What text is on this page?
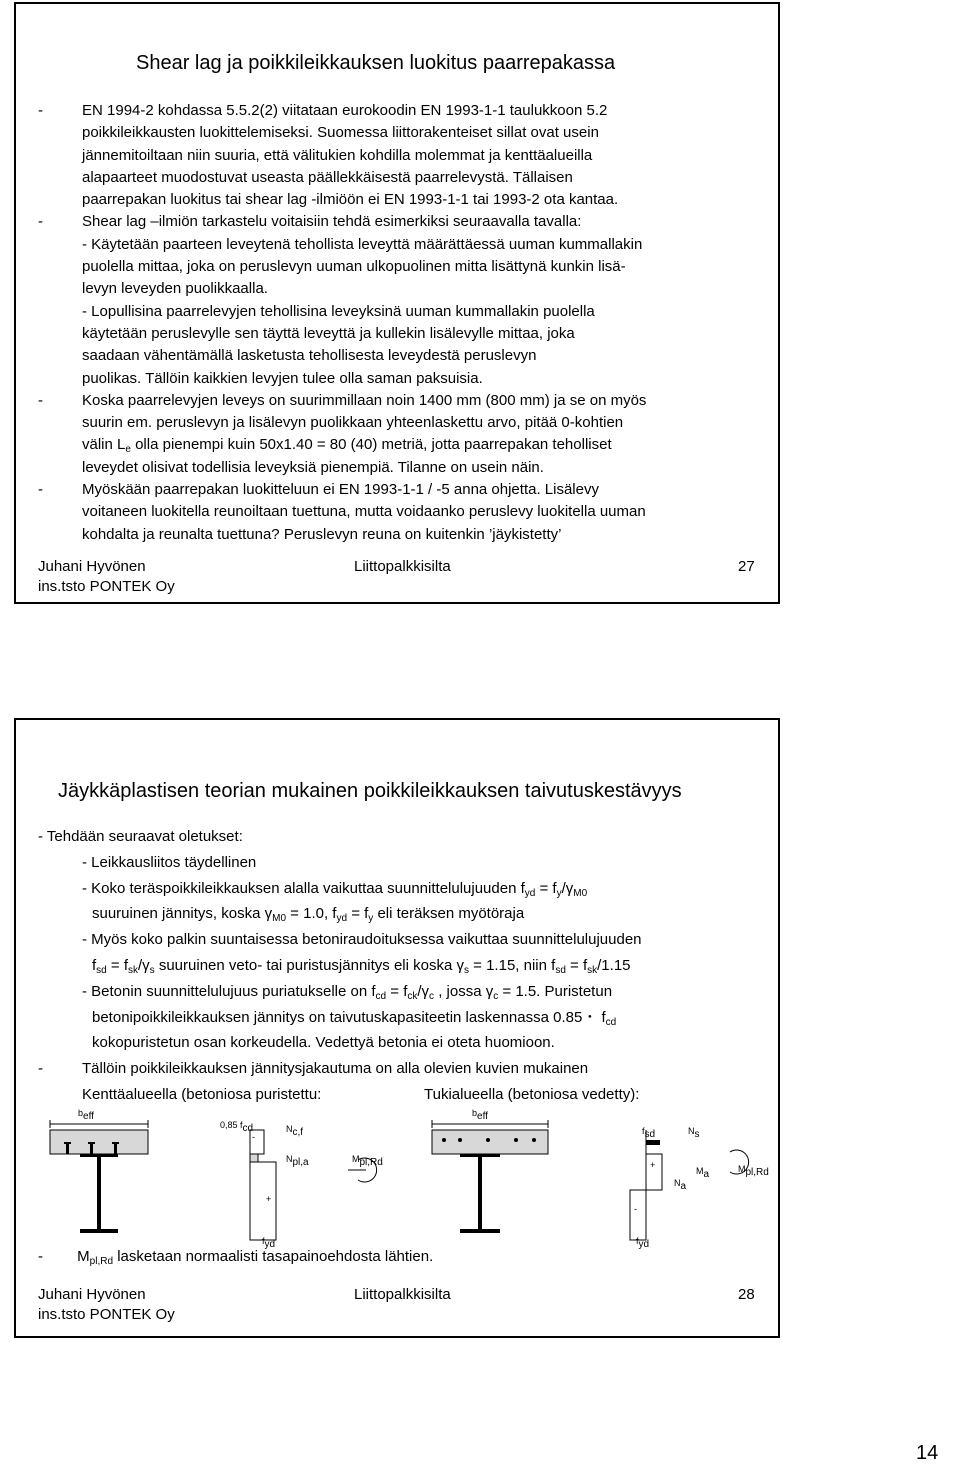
Shear lag ja poikkileikkauksen luokitus paarrepakassa
-	EN 1994-2 kohdassa 5.5.2(2) viitataan eurokoodin EN 1993-1-1 taulukkoon 5.2
poikkileikkausten luokittelemiseksi. Suomessa liittorakenteiset sillat ovat usein
jännemitoiltaan niin suuria, että välitukien kohdilla molemmat ja kenttäalueilla
alapaarteet muodostuvat useasta päällekkäisestä paarrelevystä. Tällaisen
paarrepakan luokitus tai shear lag -ilmiöön ei EN 1993-1-1 tai 1993-2 ota kantaa.
-	Shear lag –ilmiön tarkastelu voitaisiin tehdä esimerkiksi seuraavalla tavalla:
- Käytetään paarteen leveytenä tehollista leveyttä määrättäessä uuman kummallakin
puolella mittaa, joka on peruslevyn uuman ulkopuolinen mitta lisättynä kunkin lisä-
levyn leveyden puolikkaalla.
- Lopullisina paarrelevyjen tehollisina leveyksinä uuman kummallakin puolella
käytetään peruslevylle sen täyttä leveyttä ja kullekin lisälevylle mittaa, joka
saadaan vähentämällä lasketusta tehollisesta leveydestä peruslevyn
puolikas. Tällöin kaikkien levyjen tulee olla saman paksuisia.
-	Koska paarrelevyjen leveys on suurimmillaan noin 1400 mm (800 mm) ja se on myös
suurin em. peruslevyn ja lisälevyn puolikkaan yhteenlaskettu arvo, pitää 0-kohtien
välin $L_e$ olla pienempi kuin 50x1.40 = 80 (40) metriä, jotta paarrepakan teholliset
leveydet olisivat todellisia leveyksiä pienempiä. Tilanne on usein näin.
-	Myöskään paarrepakan luokitteluun ei EN 1993-1-1 / -5 anna ohjetta. Lisälevy
voitaneen luokitella reunoiltaan tuettuna, mutta voidaanko peruslevy luokitella uuman
kohdalta ja reunalta tuettuna? Peruslevyn reuna on kuitenkin ’jäykistetty’
Juhani Hyvönen
ins.tsto PONTEK Oy
Liittopalkkisilta	27
Jäykkäplastisen teorian mukainen poikkileikkauksen taivutuskestävyys
- Tehdään seuraavat oletukset:
- Leikkausliitos täydellinen
- Koko teräspoikkileikkauksen alalla vaikuttaa suunnittelulujuuden $f_{yd} = f_y/\gamma_{M0}$
suuruinen jännitys, koska $\gamma_{M0} = 1.0$, $f_{yd} = f_y$ eli teräksen myötöraja
- Myös koko palkin suuntaisessa betoniraudoituksessa vaikuttaa suunnittelulujuuden
$f_{sd} = f_{sk}/\gamma_s$ suuruinen veto- tai puristusjännitys eli koska $\gamma_s = 1.15$, niin $f_{sd} = f_{sk}/1.15$
- Betonin suunnittelulujuus puriatukselle on $f_{cd} = f_{ck}/\gamma_c$ , jossa $\gamma_c = 1.5$. Puristetun
betonipoikkileikkauksen jännitys on taivutuskapasiteetin laskennassa 0.85・ $f_{cd}$
kokopuristetun osan korkeudella. Vedettyä betonia ei oteta huomioon.
-	Tällöin poikkileikkauksen jännitysjakautuma on alla olevien kuvien mukainen
Kenttäalueella (betoniosa puristettu:	Tukialueella (betoniosa vedetty):
$b_{eff}$
0,85 $f_{cd}$
-
+
$N_{c,f}$
$N_{pl,a}$	$M_{pl,Rd}$
$f_{yd}$
$b_{eff}$
$f_{sd}$	$N_s$
+
-
$M_a$
$N_a$
$M_{pl,Rd}$
$f_{yd}$
- $M_{pl,Rd}$ lasketaan normaalisti tasapainoehdosta lähtien.
Juhani Hyvönen
ins.tsto PONTEK Oy
Liittopalkkisilta	28
14
